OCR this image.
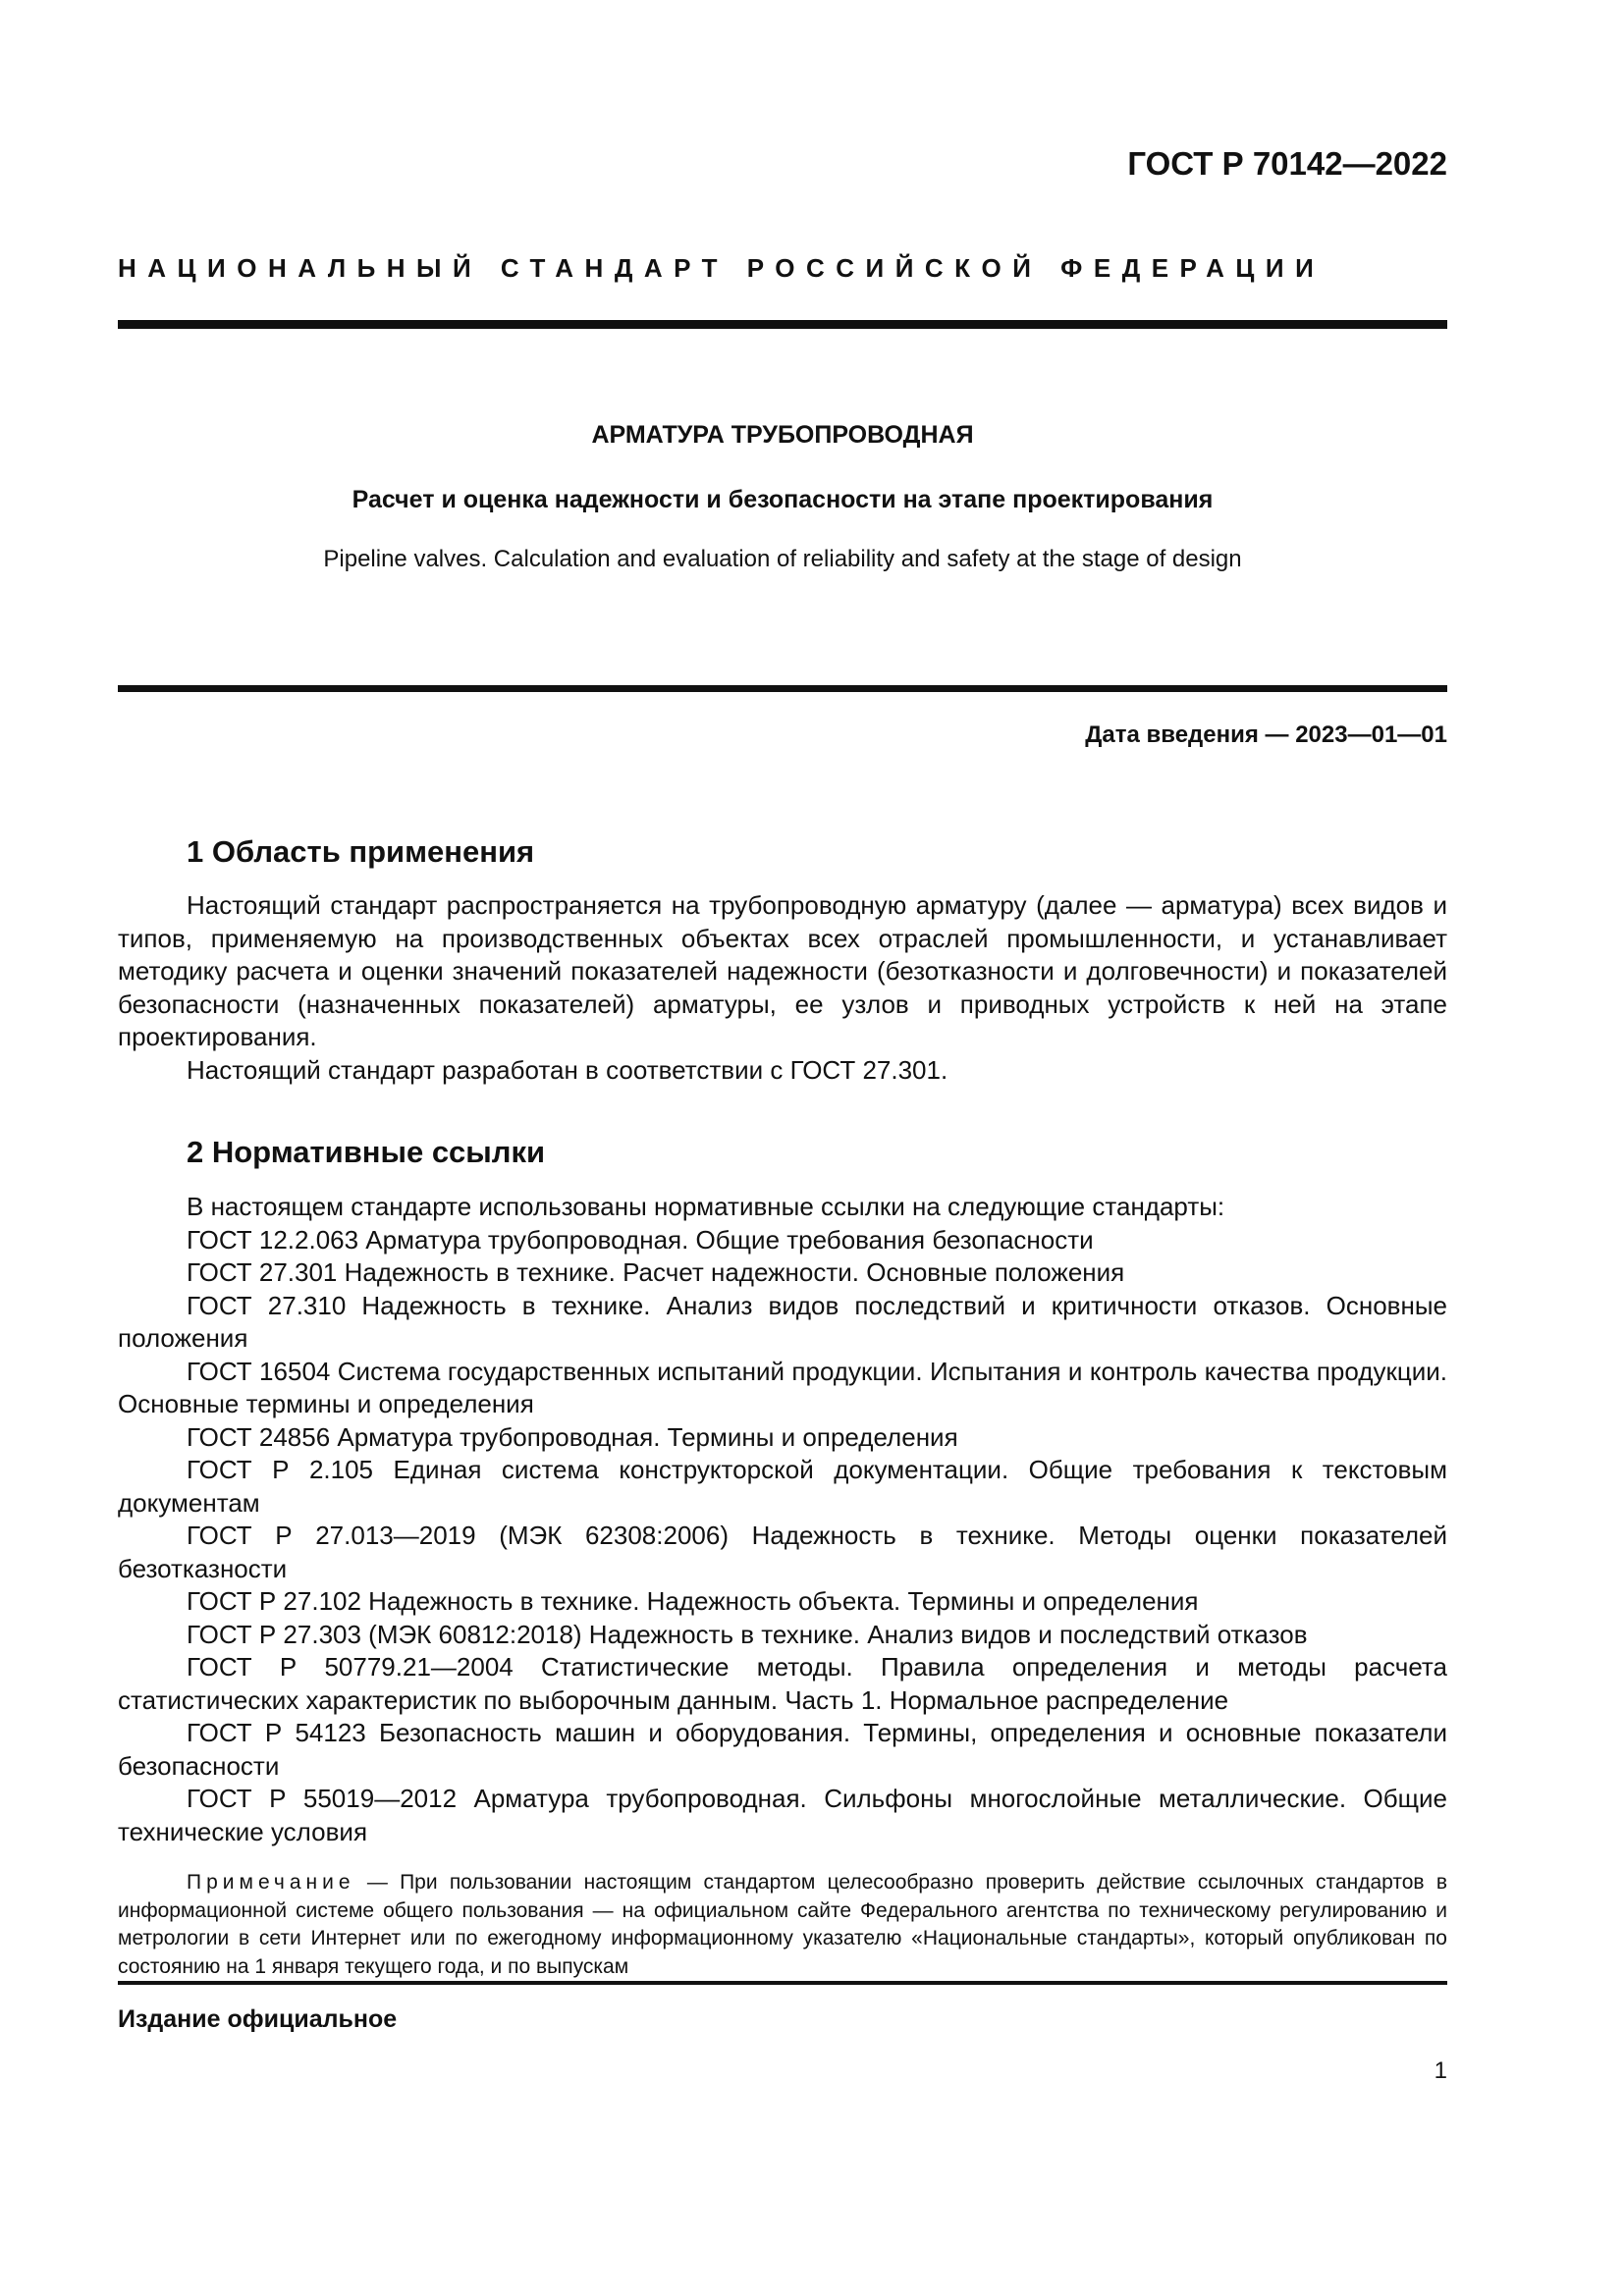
ГОСТ Р 70142—2022
НАЦИОНАЛЬНЫЙ СТАНДАРТ РОССИЙСКОЙ ФЕДЕРАЦИИ
АРМАТУРА ТРУБОПРОВОДНАЯ
Расчет и оценка надежности и безопасности на этапе проектирования
Pipeline valves. Calculation and evaluation of reliability and safety at the stage of design
Дата введения — 2023—01—01
1 Область применения

Настоящий стандарт распространяется на трубопроводную арматуру (далее — арматура) всех видов и типов, применяемую на производственных объектах всех отраслей промышленности, и устанавливает методику расчета и оценки значений показателей надежности (безотказности и долговечности) и показателей безопасности (назначенных показателей) арматуры, ее узлов и приводных устройств к ней на этапе проектирования.

Настоящий стандарт разработан в соответствии с ГОСТ 27.301.

2 Нормативные ссылки

В настоящем стандарте использованы нормативные ссылки на следующие стандарты:

ГОСТ 12.2.063 Арматура трубопроводная. Общие требования безопасности

ГОСТ 27.301 Надежность в технике. Расчет надежности. Основные положения

ГОСТ 27.310 Надежность в технике. Анализ видов последствий и критичности отказов. Основные положения

ГОСТ 16504 Система государственных испытаний продукции. Испытания и контроль качества продукции. Основные термины и определения

ГОСТ 24856 Арматура трубопроводная. Термины и определения

ГОСТ Р 2.105 Единая система конструкторской документации. Общие требования к текстовым документам

ГОСТ Р 27.013—2019 (МЭК 62308:2006) Надежность в технике. Методы оценки показателей безотказности

ГОСТ Р 27.102 Надежность в технике. Надежность объекта. Термины и определения

ГОСТ Р 27.303 (МЭК 60812:2018) Надежность в технике. Анализ видов и последствий отказов

ГОСТ Р 50779.21—2004 Статистические методы. Правила определения и методы расчета статистических характеристик по выборочным данным. Часть 1. Нормальное распределение

ГОСТ Р 54123 Безопасность машин и оборудования. Термины, определения и основные показатели безопасности

ГОСТ Р 55019—2012 Арматура трубопроводная. Сильфоны многослойные металлические. Общие технические условия

Примечание — При пользовании настоящим стандартом целесообразно проверить действие ссылочных стандартов в информационной системе общего пользования — на официальном сайте Федерального агентства по техническому регулированию и метрологии в сети Интернет или по ежегодному информационному указателю «Национальные стандарты», который опубликован по состоянию на 1 января текущего года, и по выпускам

Издание официальное
1
